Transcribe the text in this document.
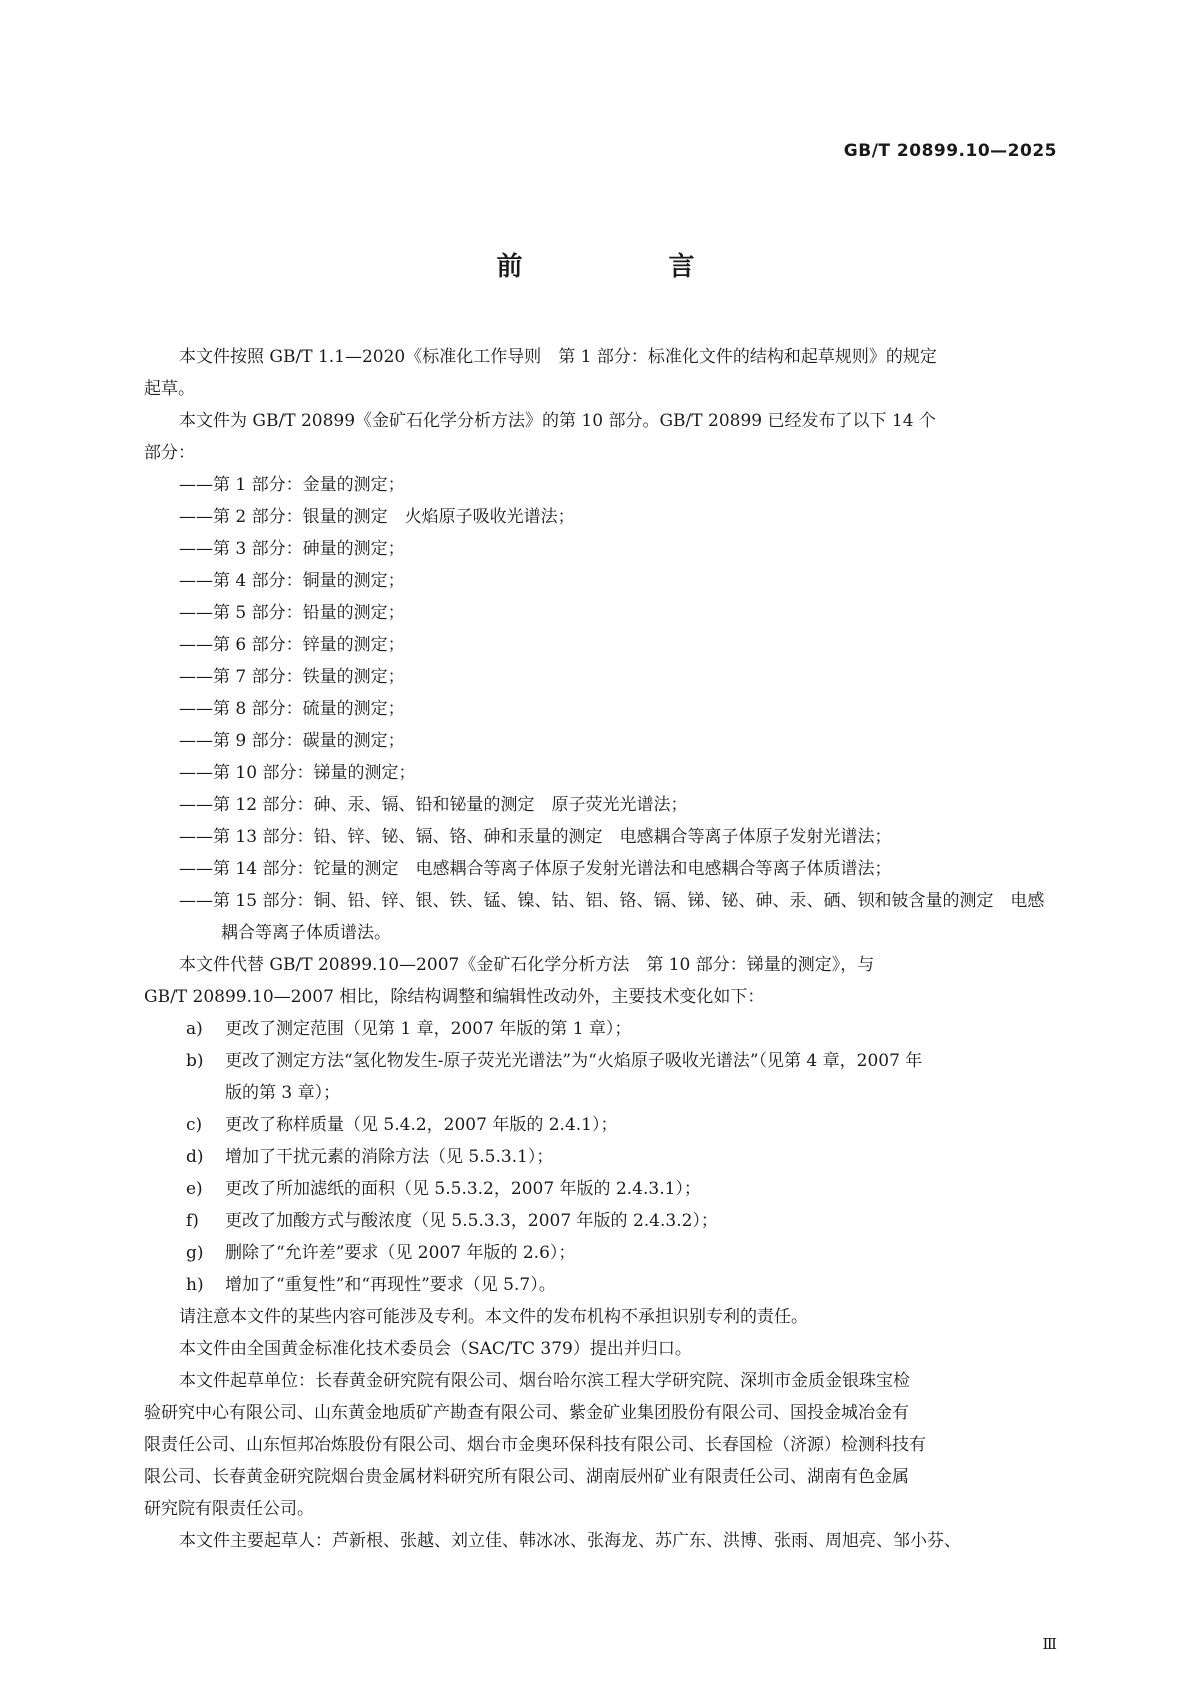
GB/T 20899.10—2025
前　言

本文件按照 GB/T 1.1—2020《标准化工作导则　第 1 部分：标准化文件的结构和起草规则》的规定
起草。

本文件为 GB/T 20899《金矿石化学分析方法》的第 10 部分。GB/T 20899 已经发布了以下 14 个
部分：

——第 1 部分：金量的测定；
——第 2 部分：银量的测定　火焰原子吸收光谱法；
——第 3 部分：砷量的测定；
——第 4 部分：铜量的测定；
——第 5 部分：铅量的测定；
——第 6 部分：锌量的测定；
——第 7 部分：铁量的测定；
——第 8 部分：硫量的测定；
——第 9 部分：碳量的测定；
——第 10 部分：锑量的测定；
——第 12 部分：砷、汞、镉、铅和铋量的测定　原子荧光光谱法；
——第 13 部分：铅、锌、铋、镉、铬、砷和汞量的测定　电感耦合等离子体原子发射光谱法；
——第 14 部分：铊量的测定　电感耦合等离子体原子发射光谱法和电感耦合等离子体质谱法；
——第 15 部分：铜、铅、锌、银、铁、锰、镍、钴、铝、铬、镉、锑、铋、砷、汞、硒、钡和铍含量的测定　电感
耦合等离子体质谱法。

本文件代替 GB/T 20899.10—2007《金矿石化学分析方法　第 10 部分：锑量的测定》，与
GB/T 20899.10—2007 相比，除结构调整和编辑性改动外，主要技术变化如下：

a) 更改了测定范围（见第 1 章，2007 年版的第 1 章）；
b) 更改了测定方法“氢化物发生-原子荧光光谱法”为“火焰原子吸收光谱法”（见第 4 章，2007 年
版的第 3 章）；
c) 更改了称样质量（见 5.4.2，2007 年版的 2.4.1）；
d) 增加了干扰元素的消除方法（见 5.5.3.1）；
e) 更改了所加滤纸的面积（见 5.5.3.2，2007 年版的 2.4.3.1）；
f) 更改了加酸方式与酸浓度（见 5.5.3.3，2007 年版的 2.4.3.2）；
g) 删除了“允许差”要求（见 2007 年版的 2.6）；
h) 增加了“重复性”和“再现性”要求（见 5.7）。

请注意本文件的某些内容可能涉及专利。本文件的发布机构不承担识别专利的责任。

本文件由全国黄金标准化技术委员会（SAC/TC 379）提出并归口。

本文件起草单位：长春黄金研究院有限公司、烟台哈尔滨工程大学研究院、深圳市金质金银珠宝检
验研究中心有限公司、山东黄金地质矿产勘查有限公司、紫金矿业集团股份有限公司、国投金城冶金有
限责任公司、山东恒邦冶炼股份有限公司、烟台市金奥环保科技有限公司、长春国检（济源）检测科技有
限公司、长春黄金研究院烟台贵金属材料研究所有限公司、湖南辰州矿业有限责任公司、湖南有色金属
研究院有限责任公司。

本文件主要起草人：芦新根、张越、刘立佳、韩冰冰、张海龙、苏广东、洪博、张雨、周旭亮、邹小芬、

Ⅲ
